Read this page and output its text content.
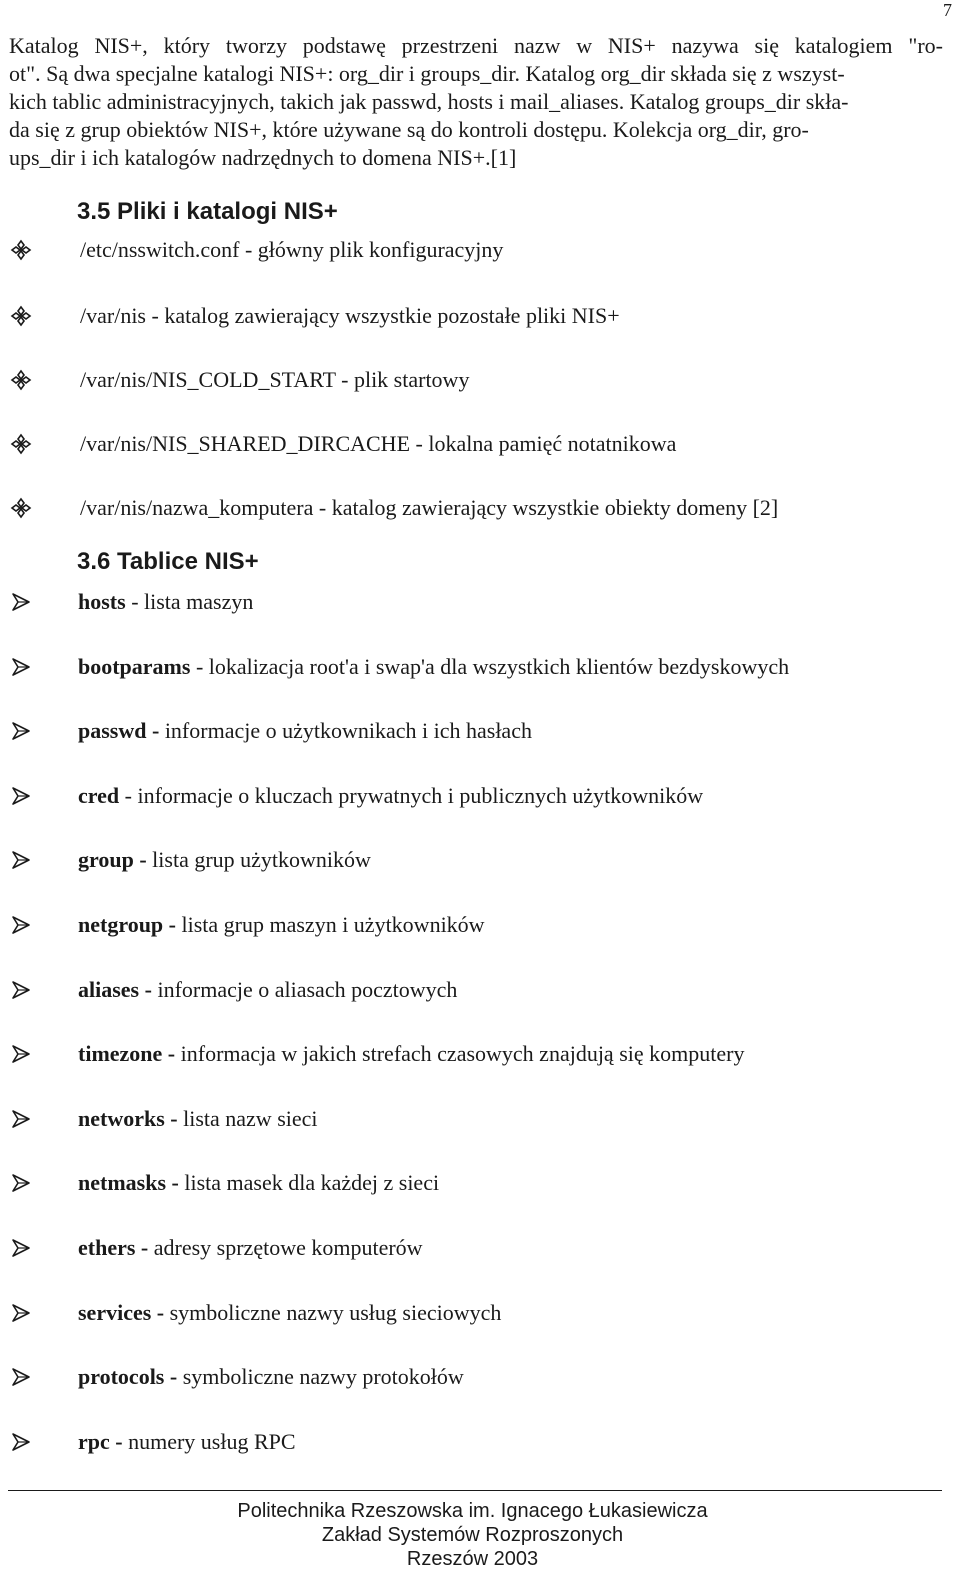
7
Katalog NIS+, który tworzy podstawę przestrzeni nazw w NIS+ nazywa się katalogiem "ro-
ot". Są dwa specjalne katalogi NIS+: org_dir i groups_dir. Katalog org_dir składa się z wszyst-
kich tablic administracyjnych, takich jak passwd, hosts i mail_aliases. Katalog groups_dir skła-
da się z grup obiektów NIS+, które używane są do kontroli dostępu. Kolekcja org_dir, gro-
ups_dir i ich katalogów nadrzędnych to domena NIS+.[1]
3.5 Pliki i katalogi NIS+
/etc/nsswitch.conf - główny plik konfiguracyjny
/var/nis - katalog zawierający wszystkie pozostałe pliki NIS+
/var/nis/NIS_COLD_START - plik startowy
/var/nis/NIS_SHARED_DIRCACHE - lokalna pamięć notatnikowa
/var/nis/nazwa_komputera - katalog zawierający wszystkie obiekty domeny [2]
3.6 Tablice NIS+
hosts - lista maszyn
bootparams - lokalizacja root'a i swap'a dla wszystkich klientów bezdyskowych
passwd - informacje o użytkownikach i ich hasłach
cred - informacje o kluczach prywatnych i publicznych użytkowników
group - lista grup użytkowników
netgroup - lista grup maszyn i użytkowników
aliases - informacje o aliasach pocztowych
timezone - informacja w jakich strefach czasowych znajdują się komputery
networks - lista nazw sieci
netmasks - lista masek dla każdej z sieci
ethers - adresy sprzętowe komputerów
services - symboliczne nazwy usług sieciowych
protocols - symboliczne nazwy protokołów
rpc - numery usług RPC
Politechnika Rzeszowska im. Ignacego Łukasiewicza
Zakład Systemów Rozproszonych
Rzeszów 2003
